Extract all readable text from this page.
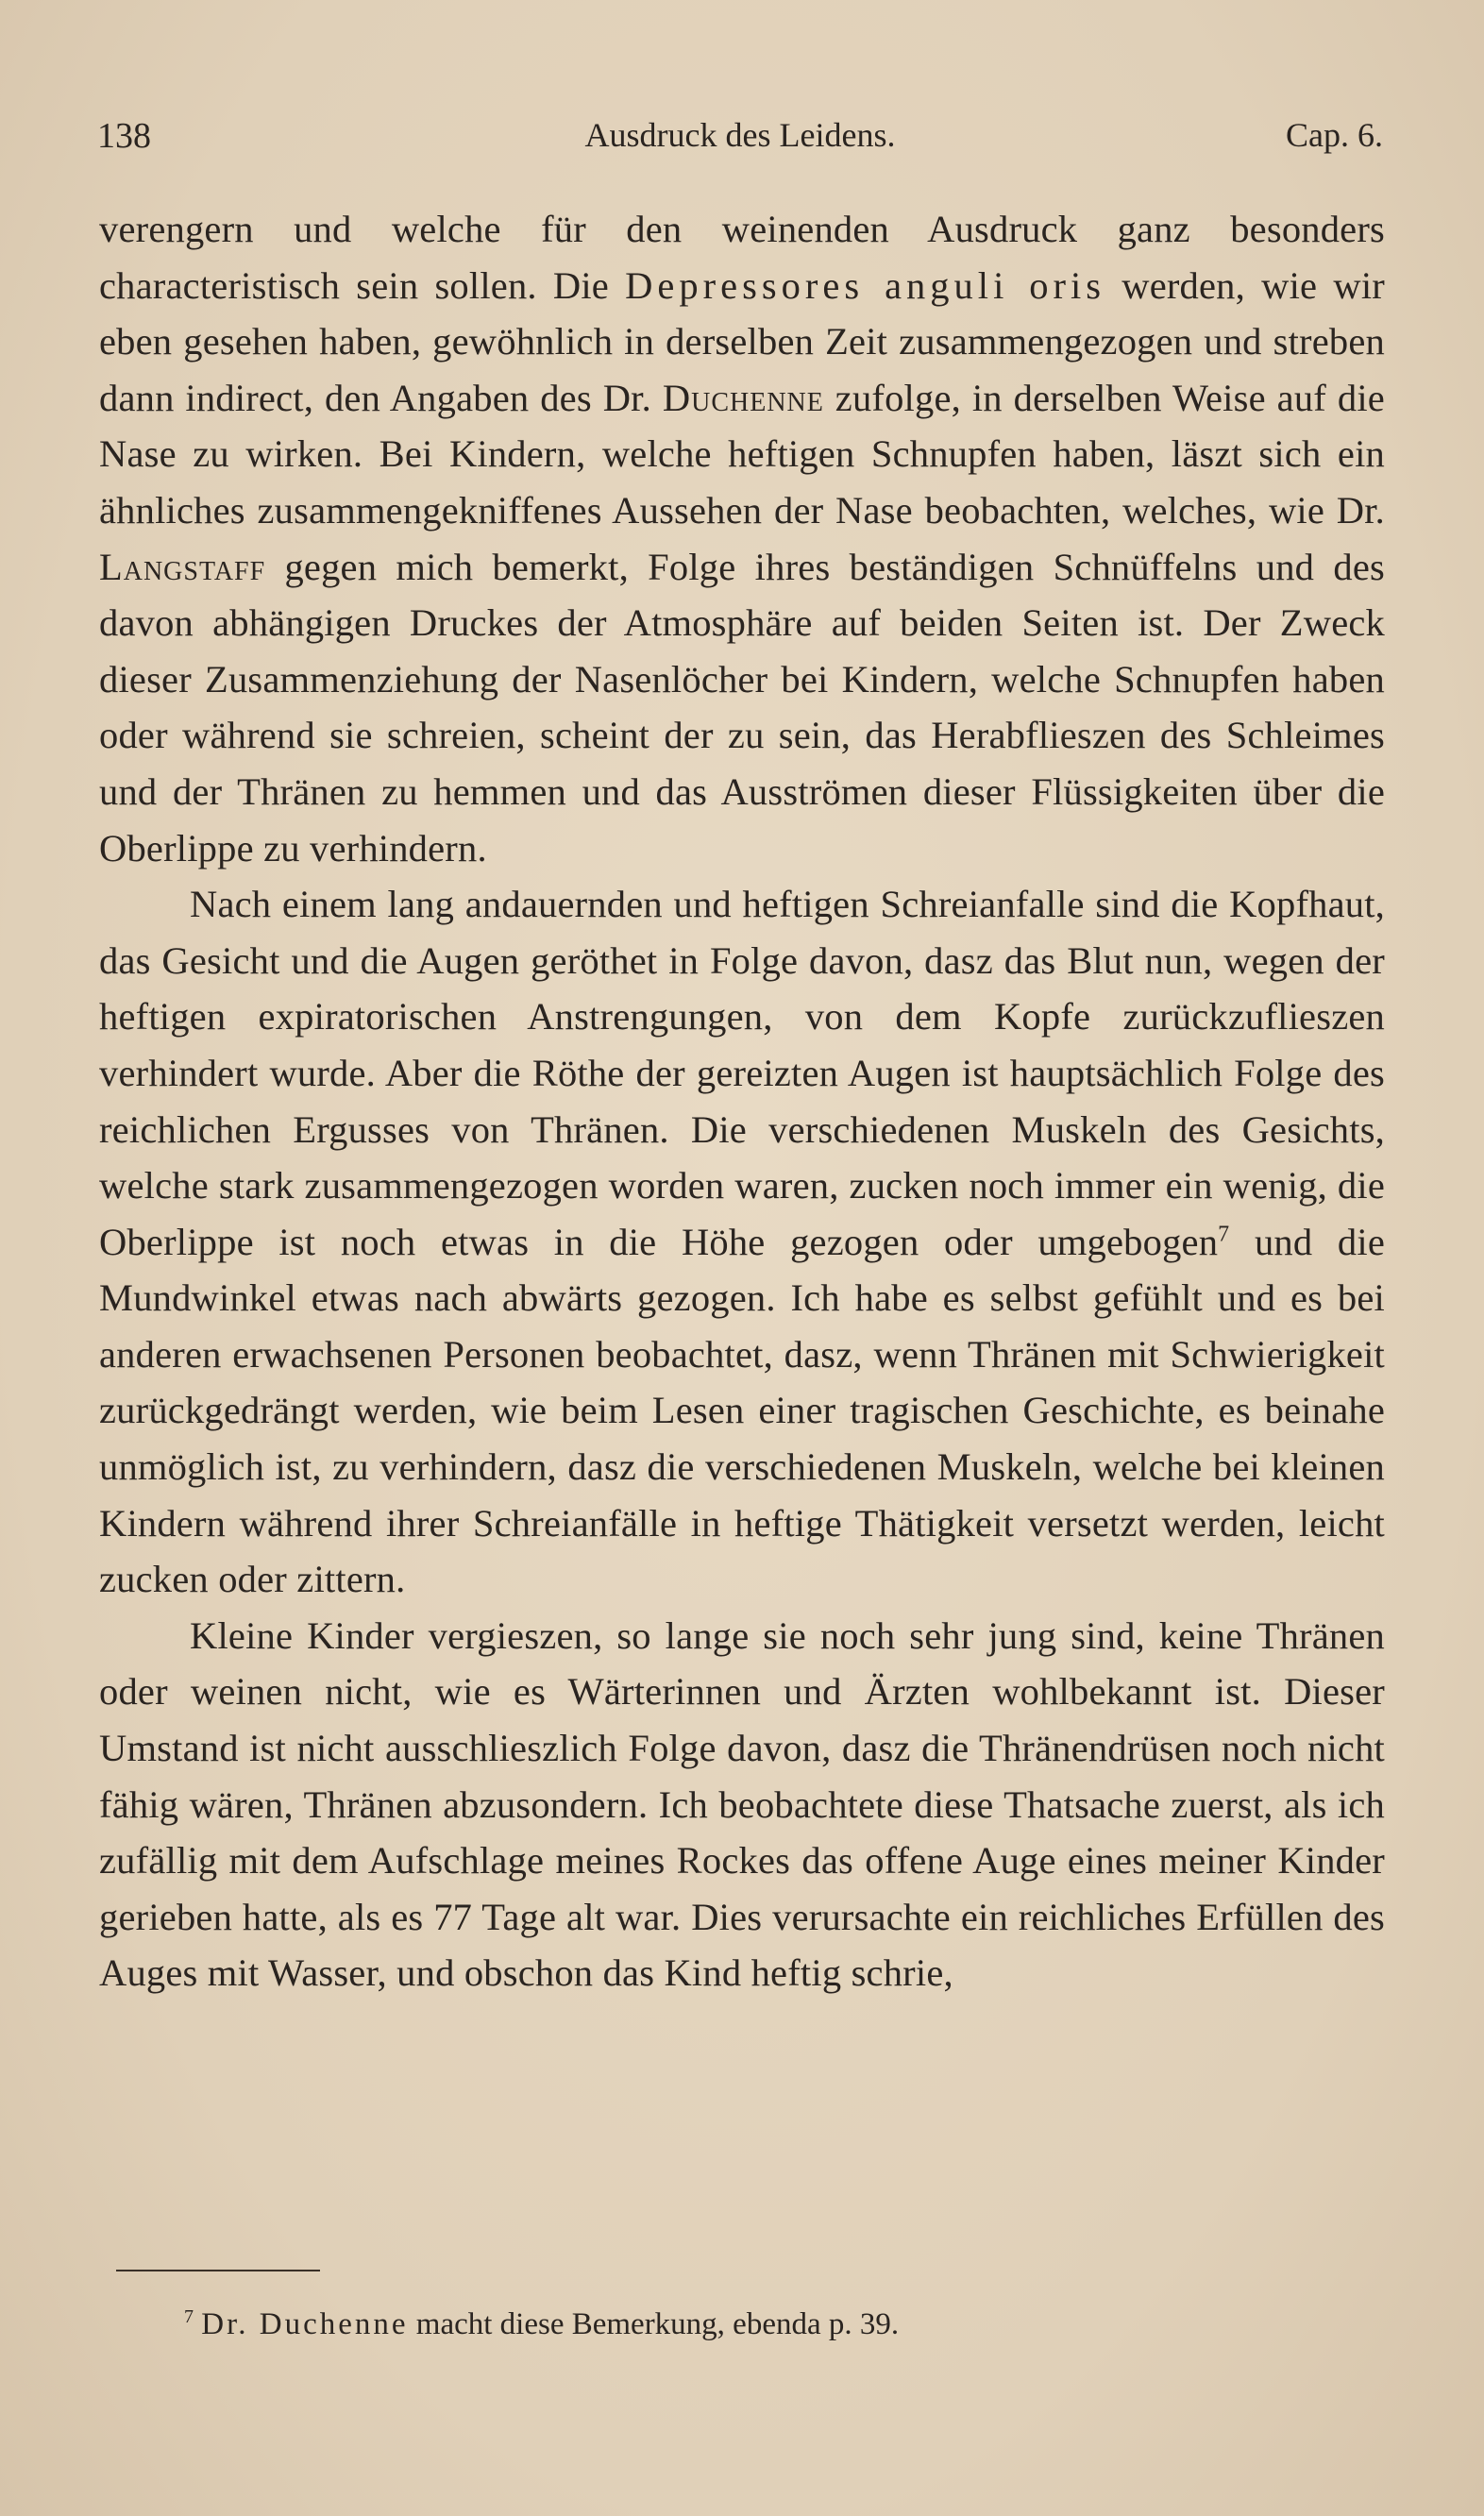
138	Ausdruck des Leidens.	Cap. 6.

verengern und welche für den weinenden Ausdruck ganz besonders characteristisch sein sollen. Die Depressores anguli oris werden, wie wir eben gesehen haben, gewöhnlich in derselben Zeit zusammengezogen und streben dann indirect, den Angaben des Dr. Duchenne zufolge, in derselben Weise auf die Nase zu wirken. Bei Kindern, welche heftigen Schnupfen haben, läszt sich ein ähnliches zusammengekniffenes Aussehen der Nase beobachten, welches, wie Dr. Langstaff gegen mich bemerkt, Folge ihres beständigen Schnüffelns und des davon abhängigen Druckes der Atmosphäre auf beiden Seiten ist. Der Zweck dieser Zusammenziehung der Nasenlöcher bei Kindern, welche Schnupfen haben oder während sie schreien, scheint der zu sein, das Herabflieszen des Schleimes und der Thränen zu hemmen und das Ausströmen dieser Flüssigkeiten über die Oberlippe zu verhindern.

Nach einem lang andauernden und heftigen Schreianfalle sind die Kopfhaut, das Gesicht und die Augen geröthet in Folge davon, dasz das Blut nun, wegen der heftigen expiratorischen Anstrengungen, von dem Kopfe zurückzuflieszen verhindert wurde. Aber die Röthe der gereizten Augen ist hauptsächlich Folge des reichlichen Ergusses von Thränen. Die verschiedenen Muskeln des Gesichts, welche stark zusammengezogen worden waren, zucken noch immer ein wenig, die Oberlippe ist noch etwas in die Höhe gezogen oder umgebogen$^7$ und die Mundwinkel etwas nach abwärts gezogen. Ich habe es selbst gefühlt und es bei anderen erwachsenen Personen beobachtet, dasz, wenn Thränen mit Schwierigkeit zurückgedrängt werden, wie beim Lesen einer tragischen Geschichte, es beinahe unmöglich ist, zu verhindern, dasz die verschiedenen Muskeln, welche bei kleinen Kindern während ihrer Schreianfälle in heftige Thätigkeit versetzt werden, leicht zucken oder zittern.

Kleine Kinder vergieszen, so lange sie noch sehr jung sind, keine Thränen oder weinen nicht, wie es Wärterinnen und Ärzten wohlbekannt ist. Dieser Umstand ist nicht ausschlieszlich Folge davon, dasz die Thränendrüsen noch nicht fähig wären, Thränen abzusondern. Ich beobachtete diese Thatsache zuerst, als ich zufällig mit dem Aufschlage meines Rockes das offene Auge eines meiner Kinder gerieben hatte, als es 77 Tage alt war. Dies verursachte ein reichliches Erfüllen des Auges mit Wasser, und obschon das Kind heftig schrie,

$^7$ Dr. Duchenne macht diese Bemerkung, ebenda p. 39.
